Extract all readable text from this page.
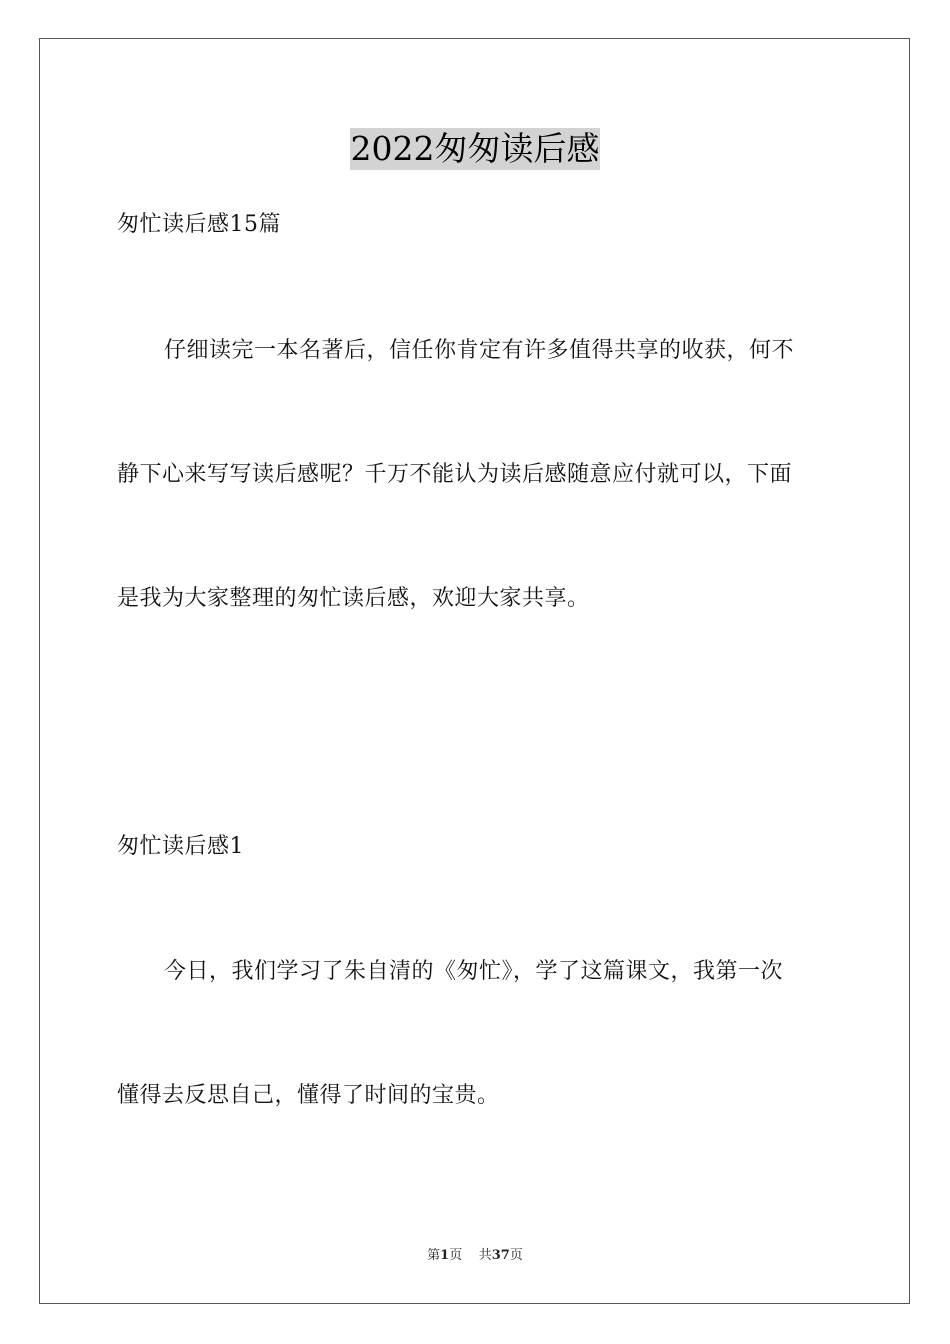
2022匆匆读后感
匆忙读后感15篇
仔细读完一本名著后，信任你肯定有许多值得共享的收获，何不
静下心来写写读后感呢？千万不能认为读后感随意应付就可以，下面
是我为大家整理的匆忙读后感，欢迎大家共享。
匆忙读后感1
今日，我们学习了朱自清的《匆忙》，学了这篇课文，我第一次
懂得去反思自己，懂得了时间的宝贵。
第1页 共37页
